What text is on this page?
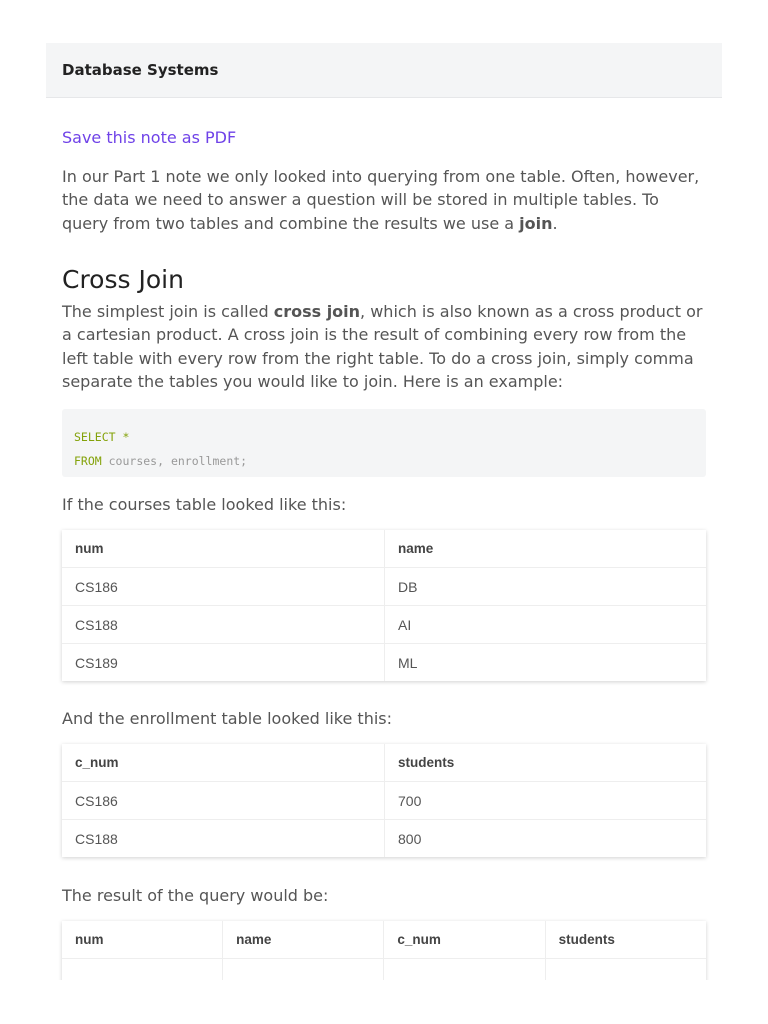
Database Systems
Save this note as PDF

In our Part 1 note we only looked into querying from one table. Often, however, the data we need to answer a question will be stored in multiple tables. To query from two tables and combine the results we use a join.

Cross Join

The simplest join is called cross join, which is also known as a cross product or a cartesian product. A cross join is the result of combining every row from the left table with every row from the right table. To do a cross join, simply comma separate the tables you would like to join. Here is an example:

SELECT *
FROM courses, enrollment;

If the courses table looked like this:

num	name
CS186	DB
CS188	AI
CS189	ML

And the enrollment table looked like this:

c_num	students
CS186	700
CS188	800

The result of the query would be:

num	name	c_num	students
